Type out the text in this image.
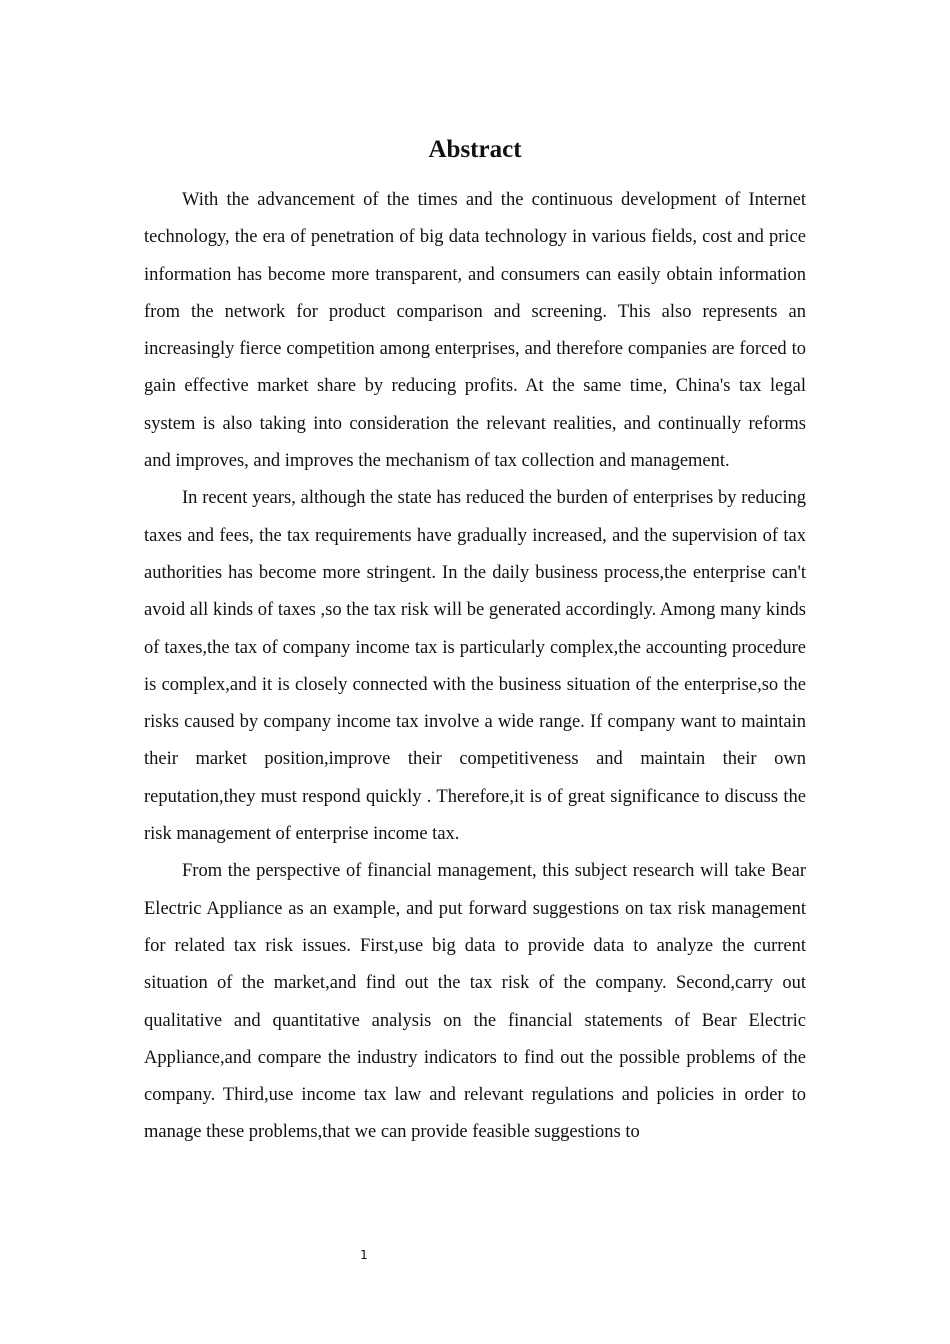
Abstract

With the advancement of the times and the continuous development of Internet technology, the era of penetration of big data technology in various fields, cost and price information has become more transparent, and consumers can easily obtain information from the network for product comparison and screening. This also represents an increasingly fierce competition among enterprises, and therefore companies are forced to gain effective market share by reducing profits. At the same time, China's tax legal system is also taking into consideration the relevant realities, and continually reforms and improves, and improves the mechanism of tax collection and management.

In recent years, although the state has reduced the burden of enterprises by reducing taxes and fees, the tax requirements have gradually increased, and the supervision of tax authorities has become more stringent. In the daily business process,the enterprise can't avoid all kinds of taxes ,so the tax risk will be generated accordingly. Among many kinds of taxes,the tax of company income tax is particularly complex,the accounting procedure is complex,and it is closely connected with the business situation of the enterprise,so the risks caused by company income tax involve a wide range. If company want to maintain their market position,improve their competitiveness and maintain their own reputation,they must respond quickly . Therefore,it is of great significance to discuss the risk management of enterprise income tax.

From the perspective of financial management, this subject research will take Bear Electric Appliance as an example, and put forward suggestions on tax risk management for related tax risk issues. First,use big data to provide data to analyze the current situation of the market,and find out the tax risk of the company. Second,carry out qualitative and quantitative analysis on the financial statements of Bear Electric Appliance,and compare the industry indicators to find out the possible problems of the company. Third,use income tax law and relevant regulations and policies in order to manage these problems,that we can provide feasible suggestions to

1
